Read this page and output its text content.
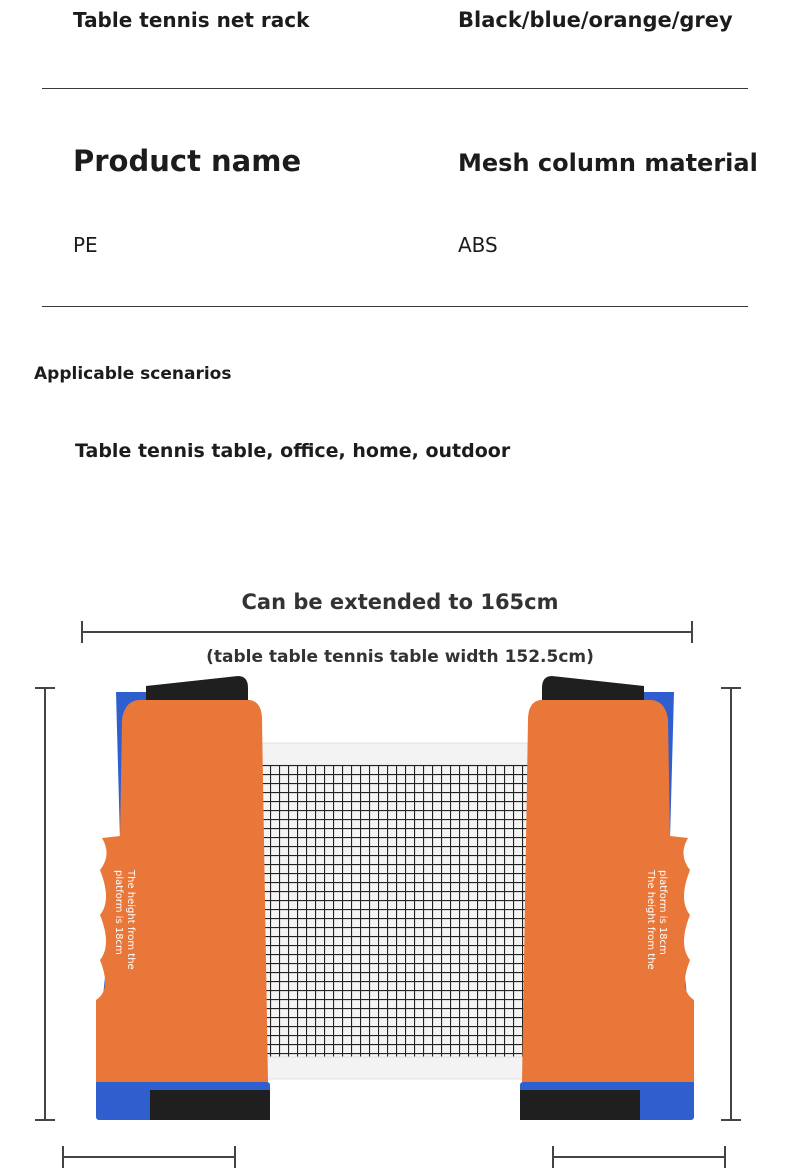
Table tennis net rack	Black/blue/orange/grey

Product name	Mesh column material

PE	ABS

Applicable scenarios

Table tennis table, office, home, outdoor

Can be extended to 165cm

(table table tennis table width 152.5cm)

The height from the platform is 18cm	The height from the platform is 18cm
